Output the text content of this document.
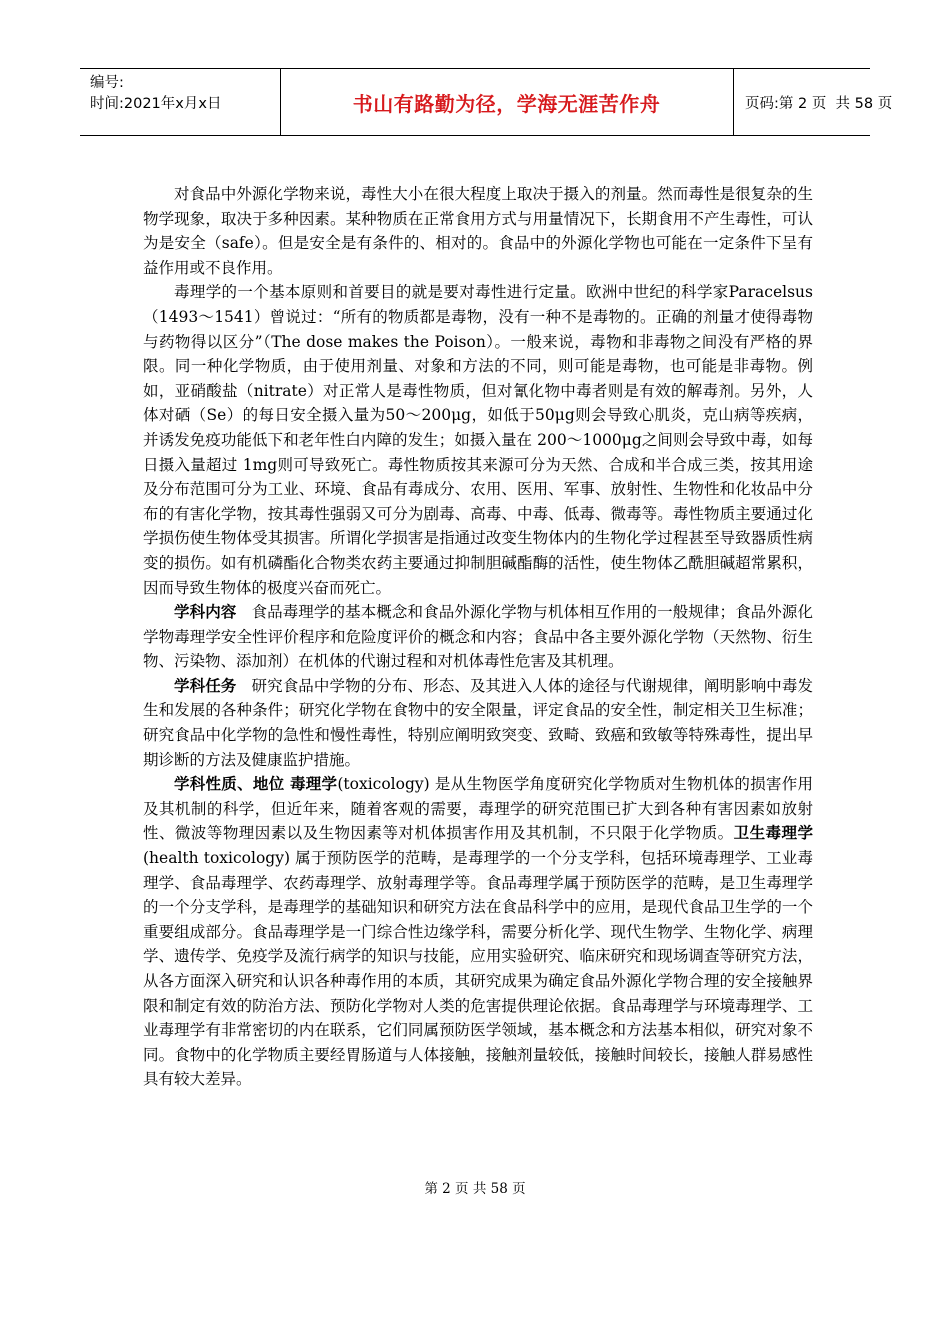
编号:
时间:2021年x月x日	书山有路勤为径，学海无涯苦作舟	页码:第 2 页  共 58 页

对食品中外源化学物来说，毒性大小在很大程度上取决于摄入的剂量。然而毒性是很复杂的生物学现象，取决于多种因素。某种物质在正常食用方式与用量情况下，长期食用不产生毒性，可认为是安全（safe）。但是安全是有条件的、相对的。食品中的外源化学物也可能在一定条件下呈有益作用或不良作用。

毒理学的一个基本原则和首要目的就是要对毒性进行定量。欧洲中世纪的科学家Paracelsus（1493～1541）曾说过：“所有的物质都是毒物，没有一种不是毒物的。正确的剂量才使得毒物与药物得以区分”（The dose makes the Poison）。一般来说，毒物和非毒物之间没有严格的界限。同一种化学物质，由于使用剂量、对象和方法的不同，则可能是毒物，也可能是非毒物。例如，亚硝酸盐（nitrate）对正常人是毒性物质，但对氰化物中毒者则是有效的解毒剂。另外，人体对硒（Se）的每日安全摄入量为50～200μg，如低于50μg则会导致心肌炎，克山病等疾病，并诱发免疫功能低下和老年性白内障的发生；如摄入量在 200～1000μg之间则会导致中毒，如每日摄入量超过 1mg则可导致死亡。毒性物质按其来源可分为天然、合成和半合成三类，按其用途及分布范围可分为工业、环境、食品有毒成分、农用、医用、军事、放射性、生物性和化妆品中分布的有害化学物，按其毒性强弱又可分为剧毒、高毒、中毒、低毒、微毒等。毒性物质主要通过化学损伤使生物体受其损害。所谓化学损害是指通过改变生物体内的生物化学过程甚至导致器质性病变的损伤。如有机磷酯化合物类农药主要通过抑制胆碱酯酶的活性，使生物体乙酰胆碱超常累积，因而导致生物体的极度兴奋而死亡。

学科内容 食品毒理学的基本概念和食品外源化学物与机体相互作用的一般规律；食品外源化学物毒理学安全性评价程序和危险度评价的概念和内容；食品中各主要外源化学物（天然物、衍生物、污染物、添加剂）在机体的代谢过程和对机体毒性危害及其机理。

学科任务 研究食品中学物的分布、形态、及其进入人体的途径与代谢规律，阐明影响中毒发生和发展的各种条件；研究化学物在食物中的安全限量，评定食品的安全性，制定相关卫生标准；研究食品中化学物的急性和慢性毒性，特别应阐明致突变、致畸、致癌和致敏等特殊毒性，提出早期诊断的方法及健康监护措施。

学科性质、地位 毒理学(toxicology) 是从生物医学角度研究化学物质对生物机体的损害作用及其机制的科学，但近年来，随着客观的需要，毒理学的研究范围已扩大到各种有害因素如放射性、微波等物理因素以及生物因素等对机体损害作用及其机制，不只限于化学物质。卫生毒理学(health toxicology) 属于预防医学的范畴，是毒理学的一个分支学科，包括环境毒理学、工业毒理学、食品毒理学、农药毒理学、放射毒理学等。食品毒理学属于预防医学的范畴，是卫生毒理学的一个分支学科，是毒理学的基础知识和研究方法在食品科学中的应用，是现代食品卫生学的一个重要组成部分。食品毒理学是一门综合性边缘学科，需要分析化学、现代生物学、生物化学、病理学、遗传学、免疫学及流行病学的知识与技能，应用实验研究、临床研究和现场调查等研究方法，从各方面深入研究和认识各种毒作用的本质，其研究成果为确定食品外源化学物合理的安全接触界限和制定有效的防治方法、预防化学物对人类的危害提供理论依据。食品毒理学与环境毒理学、工业毒理学有非常密切的内在联系，它们同属预防医学领域，基本概念和方法基本相似，研究对象不同。食物中的化学物质主要经胃肠道与人体接触，接触剂量较低，接触时间较长，接触人群易感性具有较大差异。

第 2 页 共 58 页
